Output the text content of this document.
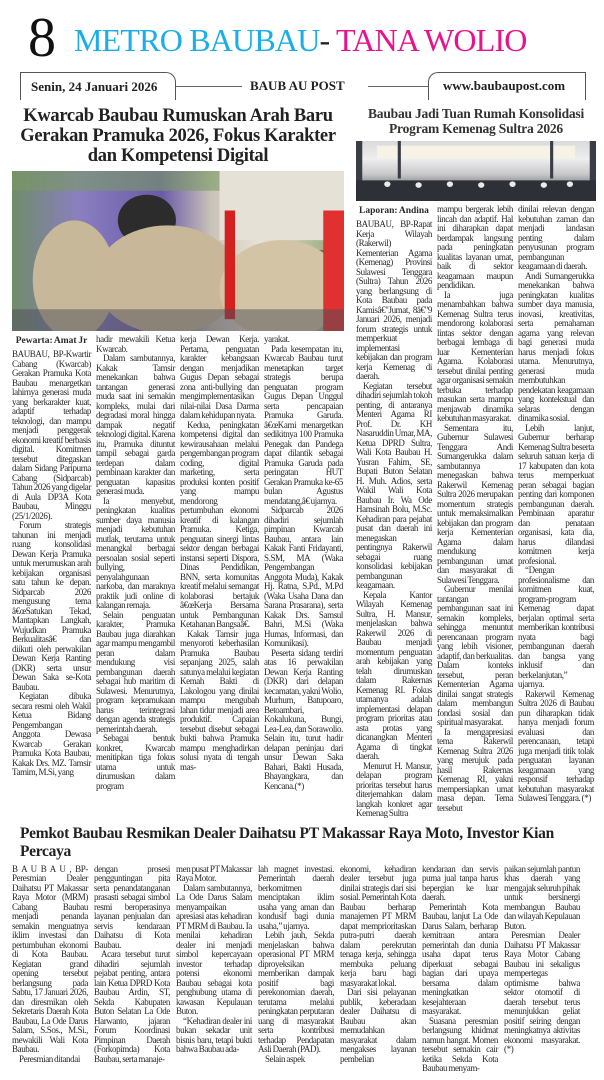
8 METRO BAUBAU- TANA WOLIO
Senin, 24 Januari 2026	BAUB AU POST	www.baubaupost.com
Kwarcab Baubau Rumuskan Arah Baru Gerakan Pramuka 2026, Fokus Karakter dan Kompetensi Digital
Pewarta: Amat Jr

BAUBAU, BP-Kwartir Cabang (Kwarcab) Gerakan Pramuka Kota Baubau menargetkan lahirnya generasi muda yang berkarakter kuat, adaptif terhadap teknologi, dan mampu menjadi penggerak ekonomi kreatif berbasis digital. Komitmen tersebut ditegaskan dalam Sidang Paripurna Cabang (Sidparcab) Tahun 2026 yang digelar di Aula DP3A Kota Baubau, Minggu (25/1/2026).

Forum strategis tahunan ini menjadi ruang konsolidasi Dewan Kerja Pramuka untuk merumuskan arah kebijakan organisasi satu tahun ke depan. Sidparcab 2026 mengusung tema â€œSatukan Tekad, Mantapkan Langkah, Wujudkan Pramuka Berkualitasâ€ dan diikuti oleh perwakilan Dewan Kerja Ranting (DKR) serta unsur Dewan Saka se-Kota Baubau.

Kegiatan dibuka secara resmi oleh Wakil Ketua Bidang Pengembangan Anggota Dewasa Kwarcab Gerakan Pramuka Kota Baubau, Kakak Drs. MZ. Tamsir Tamim, M.Si, yang

hadir mewakili Ketua Kwarcab.

Dalam sambutannya, Kakak Tamsir menekankan bahwa tantangan generasi muda saat ini semakin kompleks, mulai dari degradasi moral hingga dampak negatif teknologi digital. Karena itu, Pramuka dituntut tampil sebagai garda terdepan dalam pembinaan karakter dan penguatan kapasitas generasi muda.

Ia menyebut, peningkatan kualitas sumber daya manusia menjadi kebutuhan mutlak, terutama untuk menangkal berbagai persoalan sosial seperti bullying, penyalahgunaan narkoba, dan maraknya praktik judi online di kalangan remaja.

Selain penguatan karakter, Pramuka Baubau juga diarahkan agar mampu mengambil peran dalam mendukung visi pembangunan daerah sebagai hub maritim di Sulawesi. Menurutnya, program kepramukaan harus terintegrasi dengan agenda strategis pemerintah daerah.

Sebagai bentuk konkret, Kwarcab menitipkan tiga fokus utama untuk dirumuskan dalam program

kerja Dewan Kerja. Pertama, penguatan karakter kebangsaan dengan menjadikan Gugus Depan sebagai zona anti-bullying dan mengimplementasikan nilai-nilai Dasa Darma dalam kehidupan nyata.

Kedua, peningkatan kompetensi digital dan kewirausahaan melalui pengembangan program coding, digital marketing, serta produksi konten positif yang mampu mendorong pertumbuhan ekonomi kreatif di kalangan Pramuka. Ketiga, penguatan sinergi lintas sektor dengan berbagai instansi seperti Dispora, Dinas Pendidikan, BNN, serta komunitas kreatif melalui semangat kolaborasi bertajuk â€œKerja Bersama untuk Pembangunan Ketahanan Bangsaâ€.

Kakak Tamsir juga menyoroti keberhasilan Pramuka Baubau sepanjang 2025, salah satunya melalui kegiatan Kemah Bakti di Lakologou yang dinilai mampu mengubah lahan tidur menjadi area produktif. Capaian tersebut disebut sebagai bukti bahwa Pramuka mampu menghadirkan solusi nyata di tengah mas-

yarakat.

Pada kesempatan itu, Kwarcab Baubau turut menetapkan target strategis berupa penguatan program Gugus Depan Unggul serta pencapaian Pramuka Garuda. â€œKami menargetkan sedikitnya 100 Pramuka Penegak dan Pandega dapat dilantik sebagai Pramuka Garuda pada peringatan HUT Gerakan Pramuka ke-65 bulan Agustus mendatang,â€ ujarnya.

Sidparcab 2026 dihadiri sejumlah pimpinan Kwarcab Baubau, antara lain Kakak Fanti Fridayanti, S.SM, MA (Waka Pengembangan Anggota Muda), Kakak Hj. Ratna, S.Pd., M.Pd (Waka Usaha Dana dan Sarana Prasarana), serta Kakak Drs. Samsul Bahri, M.Si (Waka Humas, Informasi, dan Komunikasi).

Peserta sidang terdiri atas 16 perwakilan Dewan Kerja Ranting (DKR) dari delapan kecamatan, yakni Wolio, Murhum, Batupoaro, Betoambari, Kokalukuna, Bungi, Lea-Lea, dan Sorawolio. Selain itu, turut hadir delapan peninjau dari unsur Dewan Saka Bahari, Bakti Husada, Bhayangkara, dan Kencana.(*)

Baubau Jadi Tuan Rumah Konsolidasi Program Kemenag Sultra 2026
Laporan: Andina

BAUBAU, BP-Rapat Kerja Wilayah (Rakerwil) Kementerian Agama (Kemenag) Provinsi Sulawesi Tenggara (Sultra) Tahun 2026 yang berlangsung di Kota Baubau pada Kamisâ€"Jumat, 8â€"9 Januari 2026, menjadi forum strategis untuk memperkuat implementasi kebijakan dan program kerja Kemenag di daerah.

Kegiatan tersebut dihadiri sejumlah tokoh penting, di antaranya Menteri Agama RI Prof. Dr. KH Nasaruddin Umar, MA, Ketua DPRD Sultra, Wali Kota Baubau H. Yusran Fahim, SE, Bupati Buton Selatan H. Muh. Adios, serta Wakil Wali Kota Baubau Ir. Wa Ode Hamsinah Bolu, M.Sc. Kehadiran para pejabat pusat dan daerah ini menegaskan pentingnya Rakerwil sebagai ruang konsolidasi kebijakan pembangunan keagamaan.

Kepala Kantor Wilayah Kemenag Sultra, H. Mansur, menjelaskan bahwa Rakerwil 2026 di Baubau menjadi momentum penguatan arah kebijakan yang telah dirumuskan dalam Rakernas Kemenag RI. Fokus utamanya adalah implementasi delapan program prioritas atau asta protas yang dicanangkan Menteri Agama di tingkat daerah.

Menurut H. Mansur, delapan program prioritas tersebut harus diterjemahkan dalam langkah konkret agar Kemenag Sultra

mampu bergerak lebih lincah dan adaptif. Hal ini diharapkan dapat berdampak langsung pada peningkatan kualitas layanan umat, baik di sektor keagamaan maupun pendidikan.

Ia juga menambahkan bahwa Kemenag Sultra terus mendorong kolaborasi lintas sektor dengan berbagai lembaga di luar Kementerian Agama. Kolaborasi tersebut dinilai penting agar organisasi semakin terbuka terhadap masukan serta mampu menjawab dinamika kebutuhan masyarakat.

Sementara itu, Gubernur Sulawesi Tenggara Andi Sumangerukka dalam sambutannya menegaskan bahwa Rakerwil Kemenag Sultra 2026 merupakan momentum strategis untuk memaksimalkan kebijakan dan program kerja Kementerian Agama dalam mendukung pembangunan umat dan masyarakat di Sulawesi Tenggara.

Gubernur menilai tantangan pembangunan saat ini semakin kompleks, sehingga menuntut perencanaan program yang lebih visioner, adaptif, dan berkualitas. Dalam konteks tersebut, peran Kementerian Agama dinilai sangat strategis dalam membangun fondasi sosial dan spiritual masyarakat.

Ia mengapresiasi tema Rakerwil Kemenag Sultra 2026 yang merujuk pada hasil Rakernas Kemenag RI, yakni mempersiapkan umat masa depan. Tema tersebut

dinilai relevan dengan kebutuhan zaman dan menjadi landasan penting dalam penyusunan program pembangunan keagamaan di daerah.

Andi Sumangerukka menekankan bahwa peningkatan kualitas sumber daya manusia, inovasi, kreativitas, serta pemahaman agama yang relevan bagi generasi muda harus menjadi fokus utama. Menurutnya, generasi muda membutuhkan pendekatan keagamaan yang kontekstual dan selaras dengan dinamika sosial.

Lebih lanjut, Gubernur berharap Kemenag Sultra beserta seluruh satuan kerja di 17 kabupaten dan kota terus memperkuat peran sebagai bagian penting dari komponen pembangunan daerah. Pembinaan aparatur dan penataan organisasi, kata dia, harus dilandasi komitmen kerja profesional.

“Dengan profesionalisme dan komitmen kuat, program-program Kemenag dapat berjalan optimal serta memberikan kontribusi nyata bagi pembangunan daerah dan bangsa yang inklusif dan berkelanjutan,” ujarnya.

Rakerwil Kemenag Sultra 2026 di Baubau pun diharapkan tidak hanya menjadi forum evaluasi dan perencanaan, tetapi juga menjadi titik tolak penguatan layanan keagamaan yang responsif terhadap kebutuhan masyarakat Sulawesi Tenggara. (*)

Pemkot Baubau Resmikan Dealer Daihatsu PT Makassar Raya Moto, Investor Kian Percaya

B A U B A U , BP-Peresmian Dealer Daihatsu PT Makassar Raya Motor (MRM) Cabang Baubau menjadi penanda semakin menguatnya iklim investasi dan pertumbuhan ekonomi di Kota Baubau. Kegiatan grand opening tersebut berlangsung pada Sabtu, 17 Januari 2026, dan diresmikan oleh Sekretaris Daerah Kota Baubau, La Ode Darus Salam, S.Sos., M.Si., mewakili Wali Kota Baubau.

Peresmian ditandai

dengan prosesi pengguntingan pita serta penandatanganan prasasti sebagai simbol resmi beroperasinya layanan penjualan dan servis kendaraan Daihatsu di Kota Baubau.

Acara tersebut turut dihadiri sejumlah pejabat penting, antara lain Ketua DPRD Kota Baubau Ardin, ST, Sekda Kabupaten Buton Selatan La Ode Harwanto, jajaran Forum Koordinasi Pimpinan Daerah (Forkopimda) Kota Baubau, serta manaje-

men pusat PT Makassar Raya Motor.

Dalam sambutannya, La Ode Darus Salam menyampaikan apresiasi atas kehadiran PT MRM di Baubau. Ia menilai kehadiran dealer ini menjadi simbol kepercayaan investor terhadap potensi ekonomi Baubau sebagai kota penghubung utama di kawasan Kepulauan Buton.

“Kehadiran dealer ini bukan sekadar unit bisnis baru, tetapi bukti bahwa Baubau ada-

lah magnet investasi. Pemerintah daerah berkomitmen menciptakan iklim usaha yang aman dan kondusif bagi dunia usaha,” ujarnya.

Lebih jauh, Sekda menjelaskan bahwa operasional PT MRM diproyeksikan memberikan dampak positif bagi perekonomian daerah, terutama melalui peningkatan perputaran uang di masyarakat serta kontribusi terhadap Pendapatan Asli Daerah (PAD).

Selain aspek

ekonomi, kehadiran dealer tersebut juga dinilai strategis dari sisi sosial. Pemerintah Kota Baubau berharap manajemen PT MRM dapat memprioritaskan putra-putri daerah dalam perekrutan tenaga kerja, sehingga membuka peluang kerja baru bagi masyarakat lokal.

Dari sisi pelayanan publik, keberadaan dealer Daihatsu di Baubau akan memudahkan masyarakat dalam mengakses layanan pembelian

kendaraan dan servis purna jual tanpa harus bepergian ke luar daerah.

Pemerintah Kota Baubau, lanjut La Ode Darus Salam, berharap kemitraan antara pemerintah dan dunia usaha dapat terus diperkuat sebagai bagian dari upaya bersama dalam meningkatkan kesejahteraan masyarakat.

Suasana peresmian berlangsung khidmat namun hangat. Momen tersebut semakin cair ketika Sekda Kota Baubau menyam-

paikan sejumlah pantun khas daerah yang mengajak seluruh pihak untuk bersinergi membangun Baubau dan wilayah Kepulauan Buton.

Peresmian Dealer Daihatsu PT Makassar Raya Motor Cabang Baubau ini sekaligus mempertegas optimisme bahwa sektor otomotif di daerah tersebut terus menunjukkan geliat positif seiring dengan meningkatnya aktivitas ekonomi masyarakat.(*)
